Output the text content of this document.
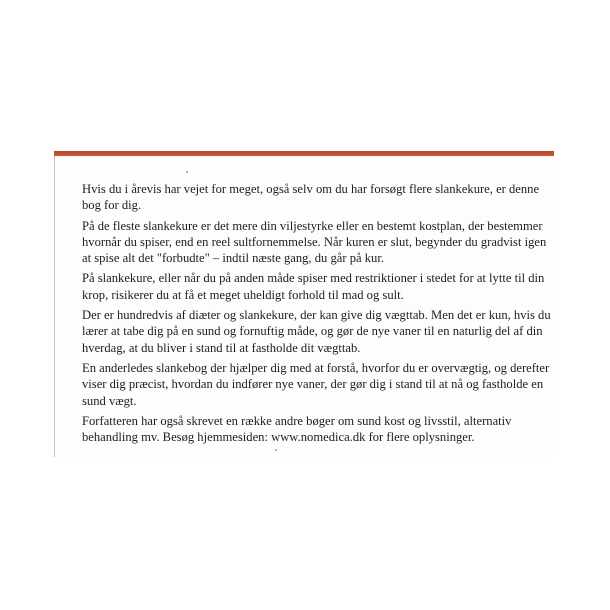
Hvis du i årevis har vejet for meget, også selv om du har forsøgt flere slankekure, er denne bog for dig.

På de fleste slankekure er det mere din viljestyrke eller en bestemt kostplan, der bestemmer hvornår du spiser, end en reel sultfornemmelse. Når kuren er slut, begynder du gradvist igen at spise alt det "forbudte" – indtil næste gang, du går på kur.

På slankekure, eller når du på anden måde spiser med restriktioner i stedet for at lytte til din krop, risikerer du at få et meget uheldigt forhold til mad og sult.

Der er hundredvis af diæter og slankekure, der kan give dig vægttab. Men det er kun, hvis du lærer at tabe dig på en sund og fornuftig måde, og gør de nye vaner til en naturlig del af din hverdag, at du bliver i stand til at fastholde dit vægttab.

En anderledes slankebog der hjælper dig med at forstå, hvorfor du er overvægtig, og derefter viser dig præcist, hvordan du indfører nye vaner, der gør dig i stand til at nå og fastholde en sund vægt.

Forfatteren har også skrevet en række andre bøger om sund kost og livsstil, alternativ behandling mv. Besøg hjemmesiden: www.nomedica.dk for flere oplysninger.
